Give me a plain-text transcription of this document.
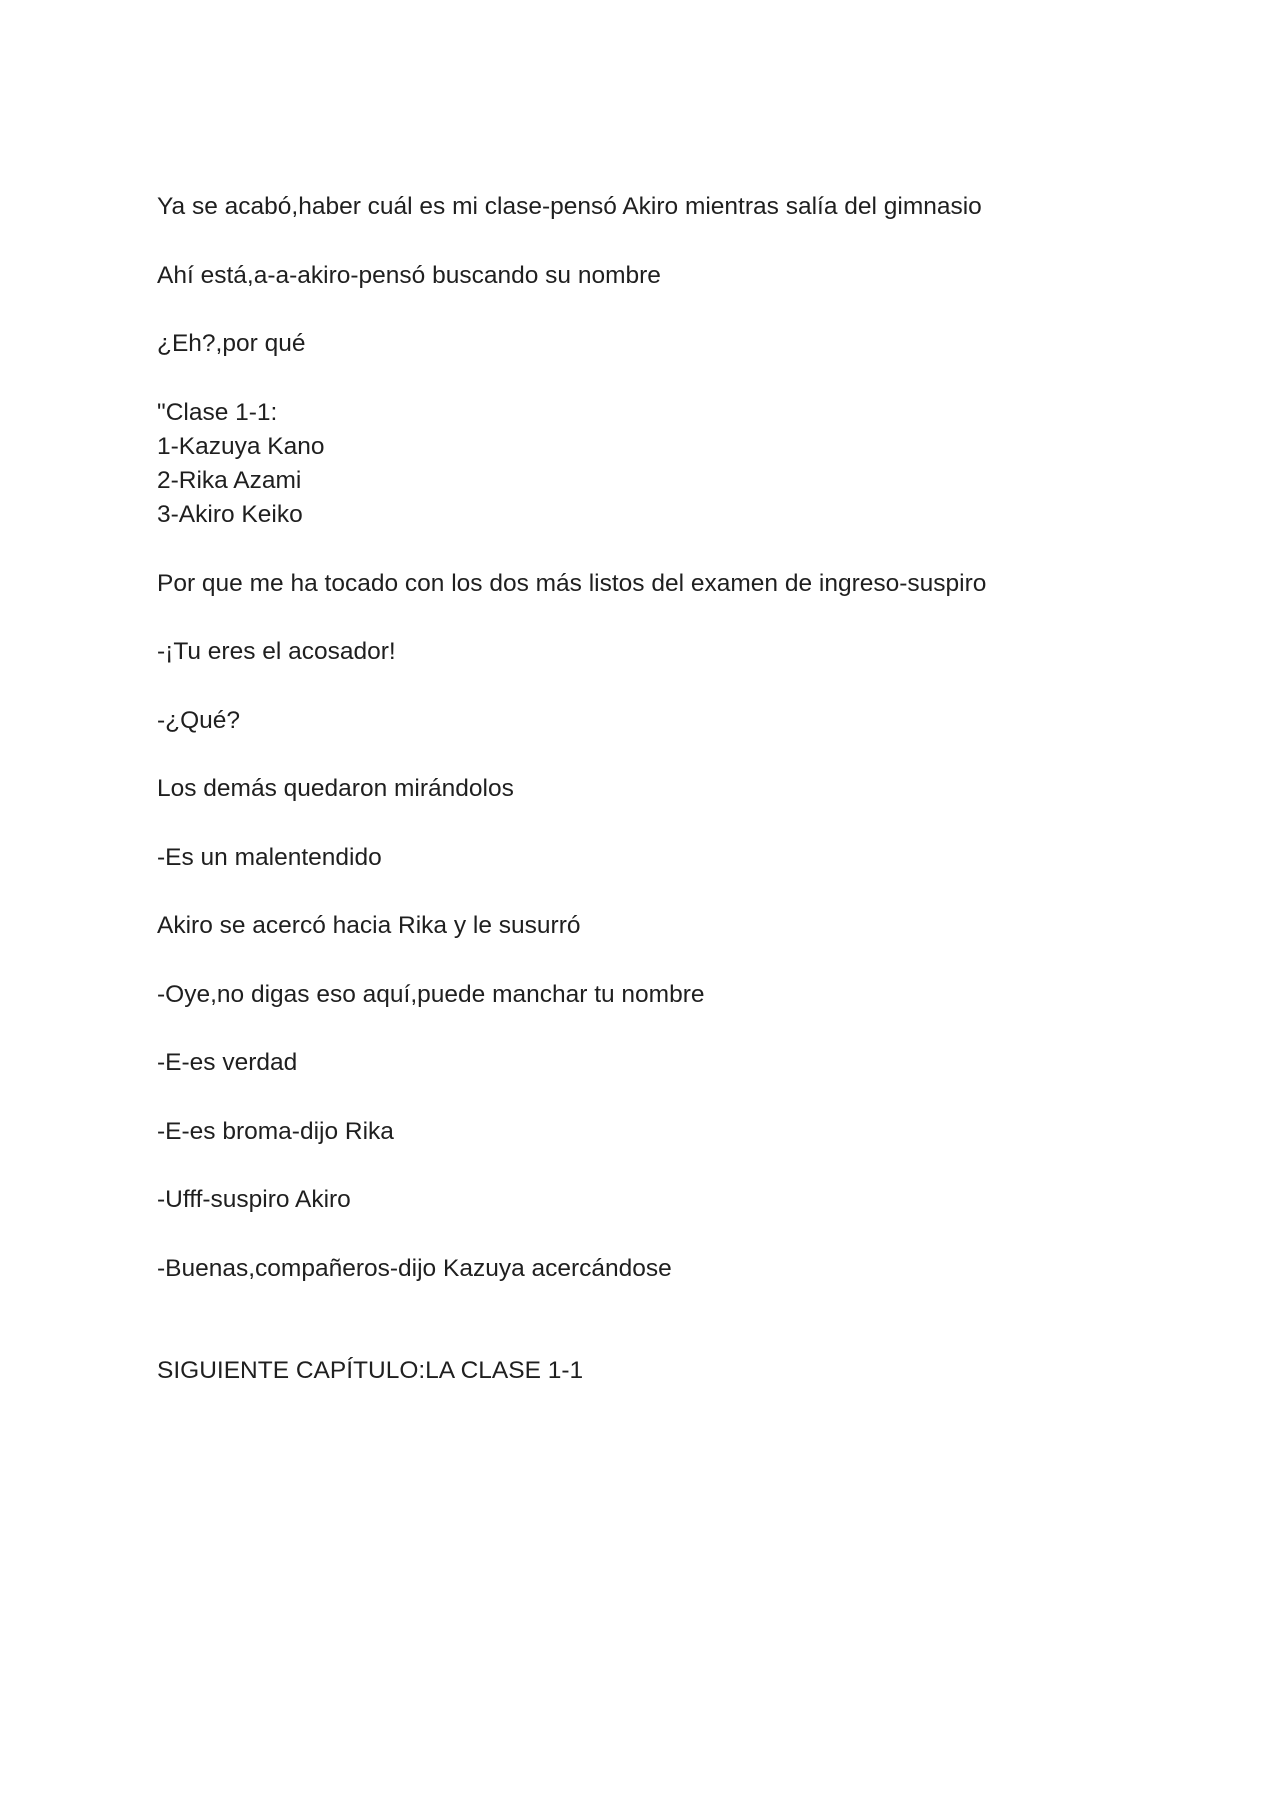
Ya se acabó,haber cuál es mi clase-pensó Akiro mientras salía del gimnasio

Ahí está,a-a-akiro-pensó buscando su nombre

¿Eh?,por qué

"Clase 1-1:

1-Kazuya Kano

2-Rika Azami

3-Akiro Keiko

Por que me ha tocado con los dos más listos del examen de ingreso-suspiro

-¡Tu eres el acosador!

-¿Qué?

Los demás quedaron mirándolos

-Es un malentendido

Akiro se acercó hacia Rika y le susurró

-Oye,no digas eso aquí,puede manchar tu nombre

-E-es verdad

-E-es broma-dijo Rika

-Ufff-suspiro Akiro

-Buenas,compañeros-dijo Kazuya acercándose

SIGUIENTE CAPÍTULO:LA CLASE 1-1
